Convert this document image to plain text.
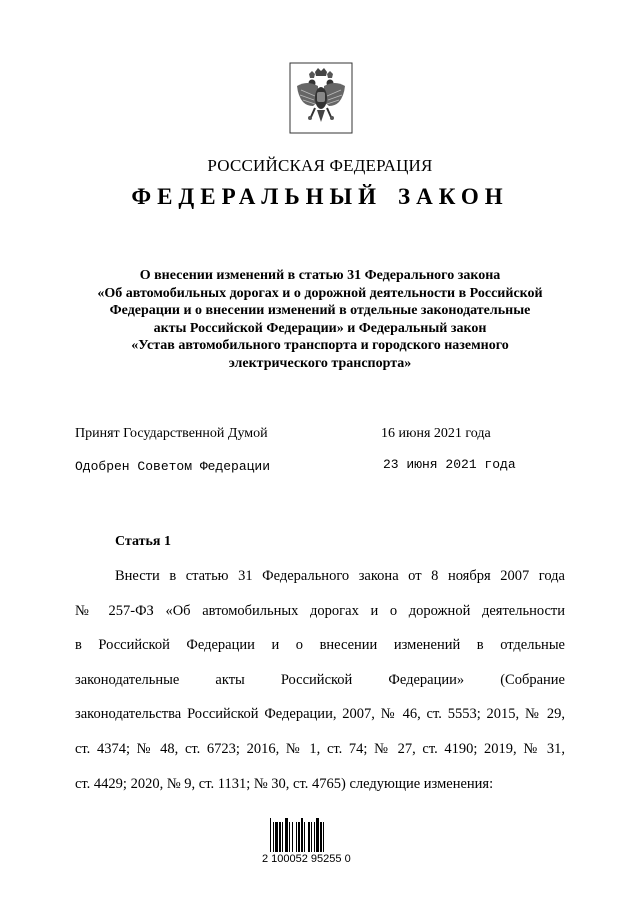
РОССИЙСКАЯ ФЕДЕРАЦИЯ
ФЕДЕРАЛЬНЫЙ ЗАКОН
О внесении изменений в статью 31 Федерального закона
«Об автомобильных дорогах и о дорожной деятельности в Российской
Федерации и о внесении изменений в отдельные законодательные
акты Российской Федерации» и Федеральный закон
«Устав автомобильного транспорта и городского наземного
электрического транспорта»
Принят Государственной Думой	16 июня 2021 года
Одобрен Советом Федерации	23 июня 2021 года
Статья 1
Внести в статью 31 Федерального закона от 8 ноября 2007 года
№ 257-ФЗ «Об автомобильных дорогах и о дорожной деятельности
в Российской Федерации и о внесении изменений в отдельные
законодательные акты Российской Федерации» (Собрание
законодательства Российской Федерации, 2007, № 46, ст. 5553; 2015, № 29,
ст. 4374; № 48, ст. 6723; 2016, № 1, ст. 74; № 27, ст. 4190; 2019, № 31,
ст. 4429; 2020, № 9, ст. 1131; № 30, ст. 4765) следующие изменения:
2 100052 95255 0
